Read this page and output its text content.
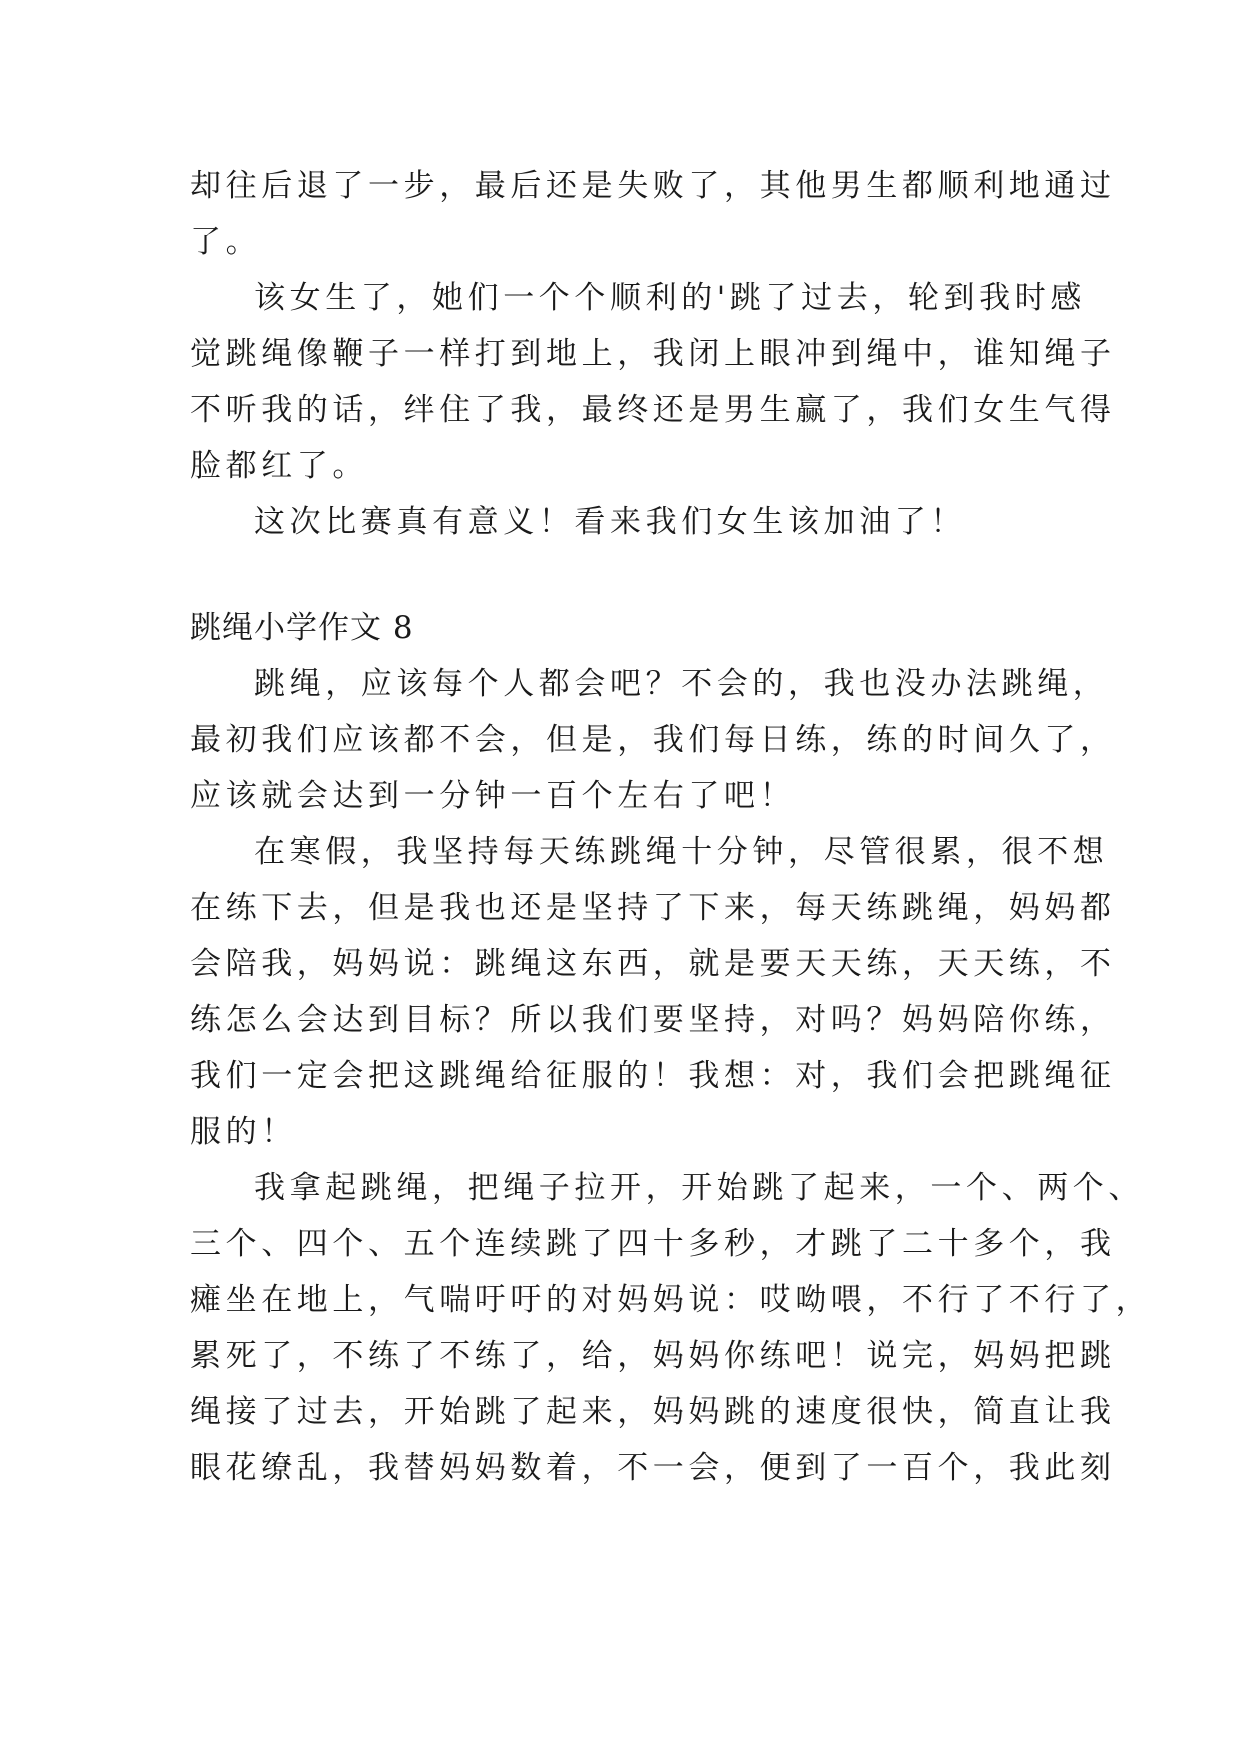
却往后退了一步，最后还是失败了，其他男生都顺利地通过

了。

该女生了，她们一个个顺利的'跳了过去，轮到我时感

觉跳绳像鞭子一样打到地上，我闭上眼冲到绳中，谁知绳子

不听我的话，绊住了我，最终还是男生赢了，我们女生气得

脸都红了。

这次比赛真有意义！看来我们女生该加油了！

跳绳小学作文 8

跳绳，应该每个人都会吧？不会的，我也没办法跳绳，

最初我们应该都不会，但是，我们每日练，练的时间久了，

应该就会达到一分钟一百个左右了吧！

在寒假，我坚持每天练跳绳十分钟，尽管很累，很不想

在练下去，但是我也还是坚持了下来，每天练跳绳，妈妈都

会陪我，妈妈说：跳绳这东西，就是要天天练，天天练，不

练怎么会达到目标？所以我们要坚持，对吗？妈妈陪你练，

我们一定会把这跳绳给征服的！我想：对，我们会把跳绳征

服的！

我拿起跳绳，把绳子拉开，开始跳了起来，一个、两个、

三个、四个、五个连续跳了四十多秒，才跳了二十多个，我

瘫坐在地上，气喘吁吁的对妈妈说：哎呦喂，不行了不行了，

累死了，不练了不练了，给，妈妈你练吧！说完，妈妈把跳

绳接了过去，开始跳了起来，妈妈跳的速度很快，简直让我

眼花缭乱，我替妈妈数着，不一会，便到了一百个，我此刻
